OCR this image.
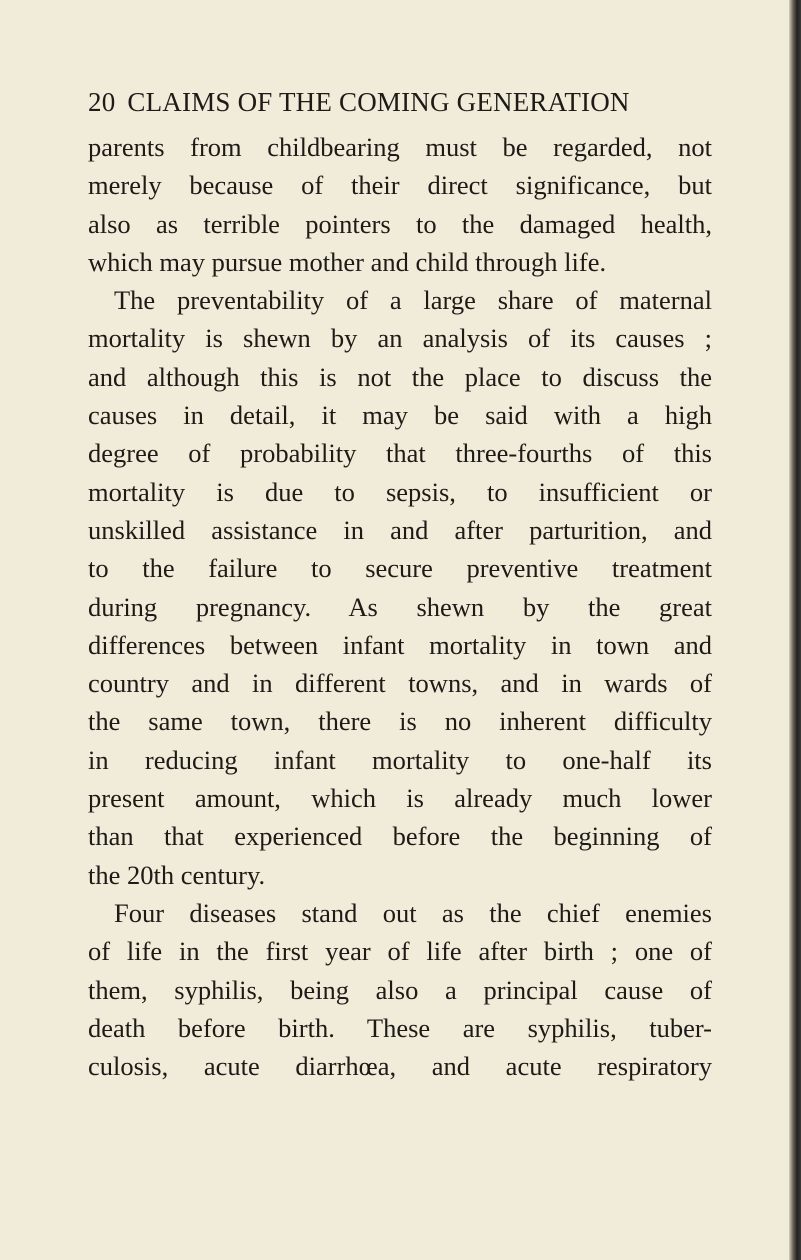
20 CLAIMS OF THE COMING GENERATION
parents from childbearing must be regarded, not
merely because of their direct significance, but
also as terrible pointers to the damaged health,
which may pursue mother and child through life.
The preventability of a large share of maternal
mortality is shewn by an analysis of its causes ;
and although this is not the place to discuss the
causes in detail, it may be said with a high
degree of probability that three-fourths of this
mortality is due to sepsis, to insufficient or
unskilled assistance in and after parturition, and
to the failure to secure preventive treatment
during pregnancy. As shewn by the great
differences between infant mortality in town and
country and in different towns, and in wards of
the same town, there is no inherent difficulty
in reducing infant mortality to one-half its
present amount, which is already much lower
than that experienced before the beginning of
the 20th century.
Four diseases stand out as the chief enemies
of life in the first year of life after birth ; one of
them, syphilis, being also a principal cause of
death before birth. These are syphilis, tuber-
culosis, acute diarrhœa, and acute respiratory
